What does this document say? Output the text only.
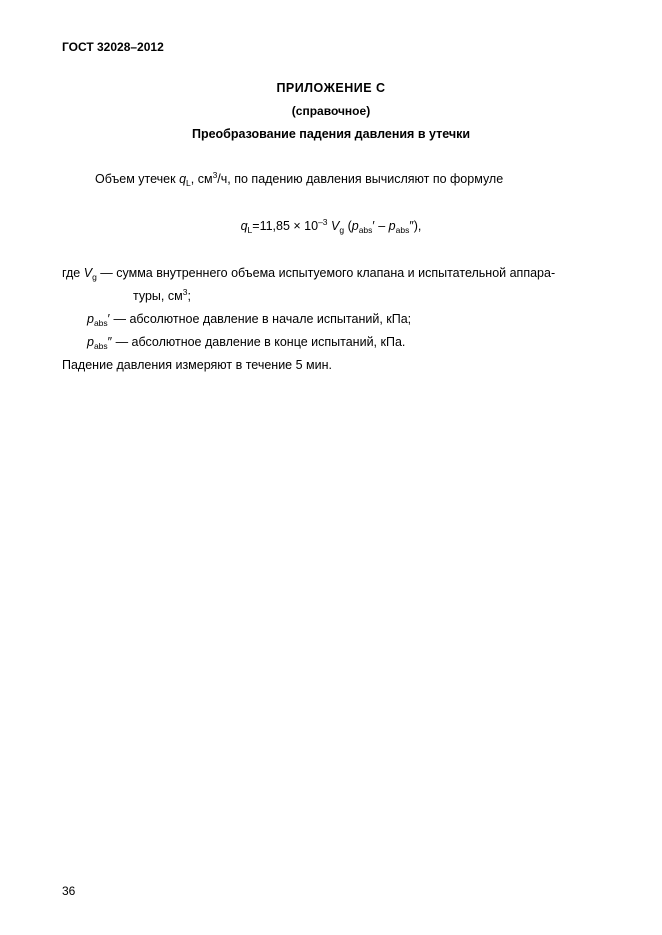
ГОСТ 32028–2012
ПРИЛОЖЕНИЕ С
(справочное)
Преобразование падения давления в утечки
Объем утечек $q_L$, $см^3/ч$, по падению давления вычисляют по формуле
$q_L=11,85 \times 10^{-3}$ $V_g$ $(p_{abs}' - p_{abs}'')$,
где $V_g$ — сумма внутреннего объема испытуемого клапана и испытательной аппара-
туры, $см^3$;
$p_{abs}'$ — абсолютное давление в начале испытаний, кПа;
$p_{abs}''$ — абсолютное давление в конце испытаний, кПа.
Падение давления измеряют в течение 5 мин.
36
